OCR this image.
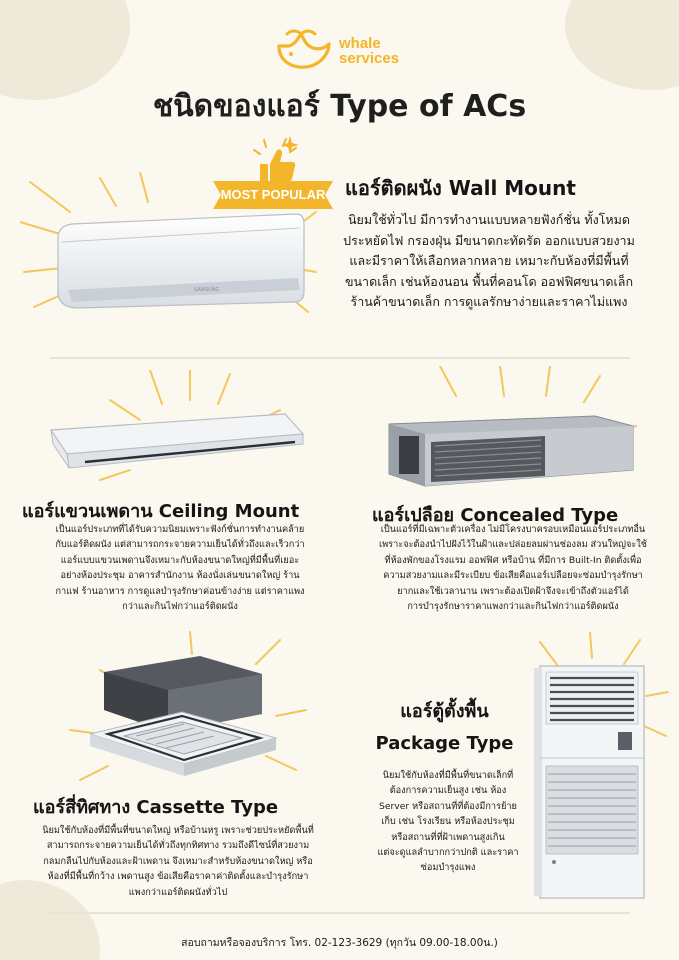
whale
services
ชนิดของแอร์ Type of ACs
SAMSUNG
MOST POPULAR แอร์ติดผนัง Wall Mount
นิยมใช้ทั่วไป มีการทำงานแบบหลายฟังก์ชั่น ทั้งโหมด
ประหยัดไฟ กรองฝุ่น มีขนาดกะทัดรัด ออกแบบสวยงาม
และมีราคาให้เลือกหลากหลาย เหมาะกับห้องที่มีพื้นที่
ขนาดเล็ก เช่นห้องนอน พื้นที่คอนโด ออฟฟิศขนาดเล็ก
ร้านค้าขนาดเล็ก การดูแลรักษาง่ายและราคาไม่แพง
แอร์แขวนเพดาน Ceiling Mount
เป็นแอร์ประเภทที่ได้รับความนิยมเพราะฟังก์ชั่นการทำงานคล้าย
กับแอร์ติดผนัง แต่สามารถกระจายความเย็นได้ทั่วถึงและเร็วกว่า
แอร์แบบแขวนเพดานจึงเหมาะกับห้องขนาดใหญ่ที่มีพื้นที่เยอะ
อย่างห้องประชุม อาคารสำนักงาน ห้องนั่งเล่นขนาดใหญ่ ร้าน
กาแฟ ร้านอาหาร การดูแลบำรุงรักษาค่อนข้างง่าย แต่ราคาแพง
กว่าและกินไฟกว่าแอร์ติดผนัง
แอร์เปลือย Concealed Type
เป็นแอร์ที่มีเฉพาะตัวเครื่อง ไม่มีโครงบาครอบเหมือนแอร์ประเภทอื่น
เพราะจะต้องนำไปฝังไว้ในฝ้าและปล่อยลมผ่านช่องลม ส่วนใหญ่จะใช้
ที่ห้องพักของโรงแรม ออฟฟิศ หรือบ้าน ที่มีการ Built-In ติดตั้งเพื่อ
ความสวยงามและมีระเบียบ ข้อเสียคือแอร์เปลือยจะซ่อมบำรุงรักษา
ยากและใช้เวลานาน เพราะต้องเปิดฝ้าจึงจะเข้าถึงตัวแอร์ได้
การบำรุงรักษาราคาแพงกว่าและกินไฟกว่าแอร์ติดผนัง
แอร์สี่ทิศทาง Cassette Type
นิยมใช้กับห้องที่มีพื้นที่ขนาดใหญ่ หรือบ้านหรู เพราะช่วยประหยัดพื้นที่
สามารถกระจายความเย็นได้ทั่วถึงทุกทิศทาง รวมถึงดีไซน์ที่สวยงาม
กลมกลืนไปกับห้องและฝ้าเพดาน จึงเหมาะสำหรับห้องขนาดใหญ่ หรือ
ห้องที่มีพื้นที่กว้าง เพดานสูง ข้อเสียคือราคาค่าติดตั้งและบำรุงรักษา
แพงกว่าแอร์ติดผนังทั่วไป
แอร์ตู้ตั้งพื้น
Package Type
นิยมใช้กับห้องที่มีพื้นที่ขนาดเล็กที่
ต้องการความเย็นสูง เช่น ห้อง
Server หรือสถานที่ที่ต้องมีการย้าย
เก็บ เช่น โรงเรียน หรือห้องประชุม
หรือสถานที่ที่ฝ้าเพดานสูงเกิน
แต่จะดูแลลำบากกว่าปกติ และราคา
ซ่อมบำรุงแพง
สอบถามหรือจองบริการ โทร. 02-123-3629 (ทุกวัน 09.00-18.00น.)
